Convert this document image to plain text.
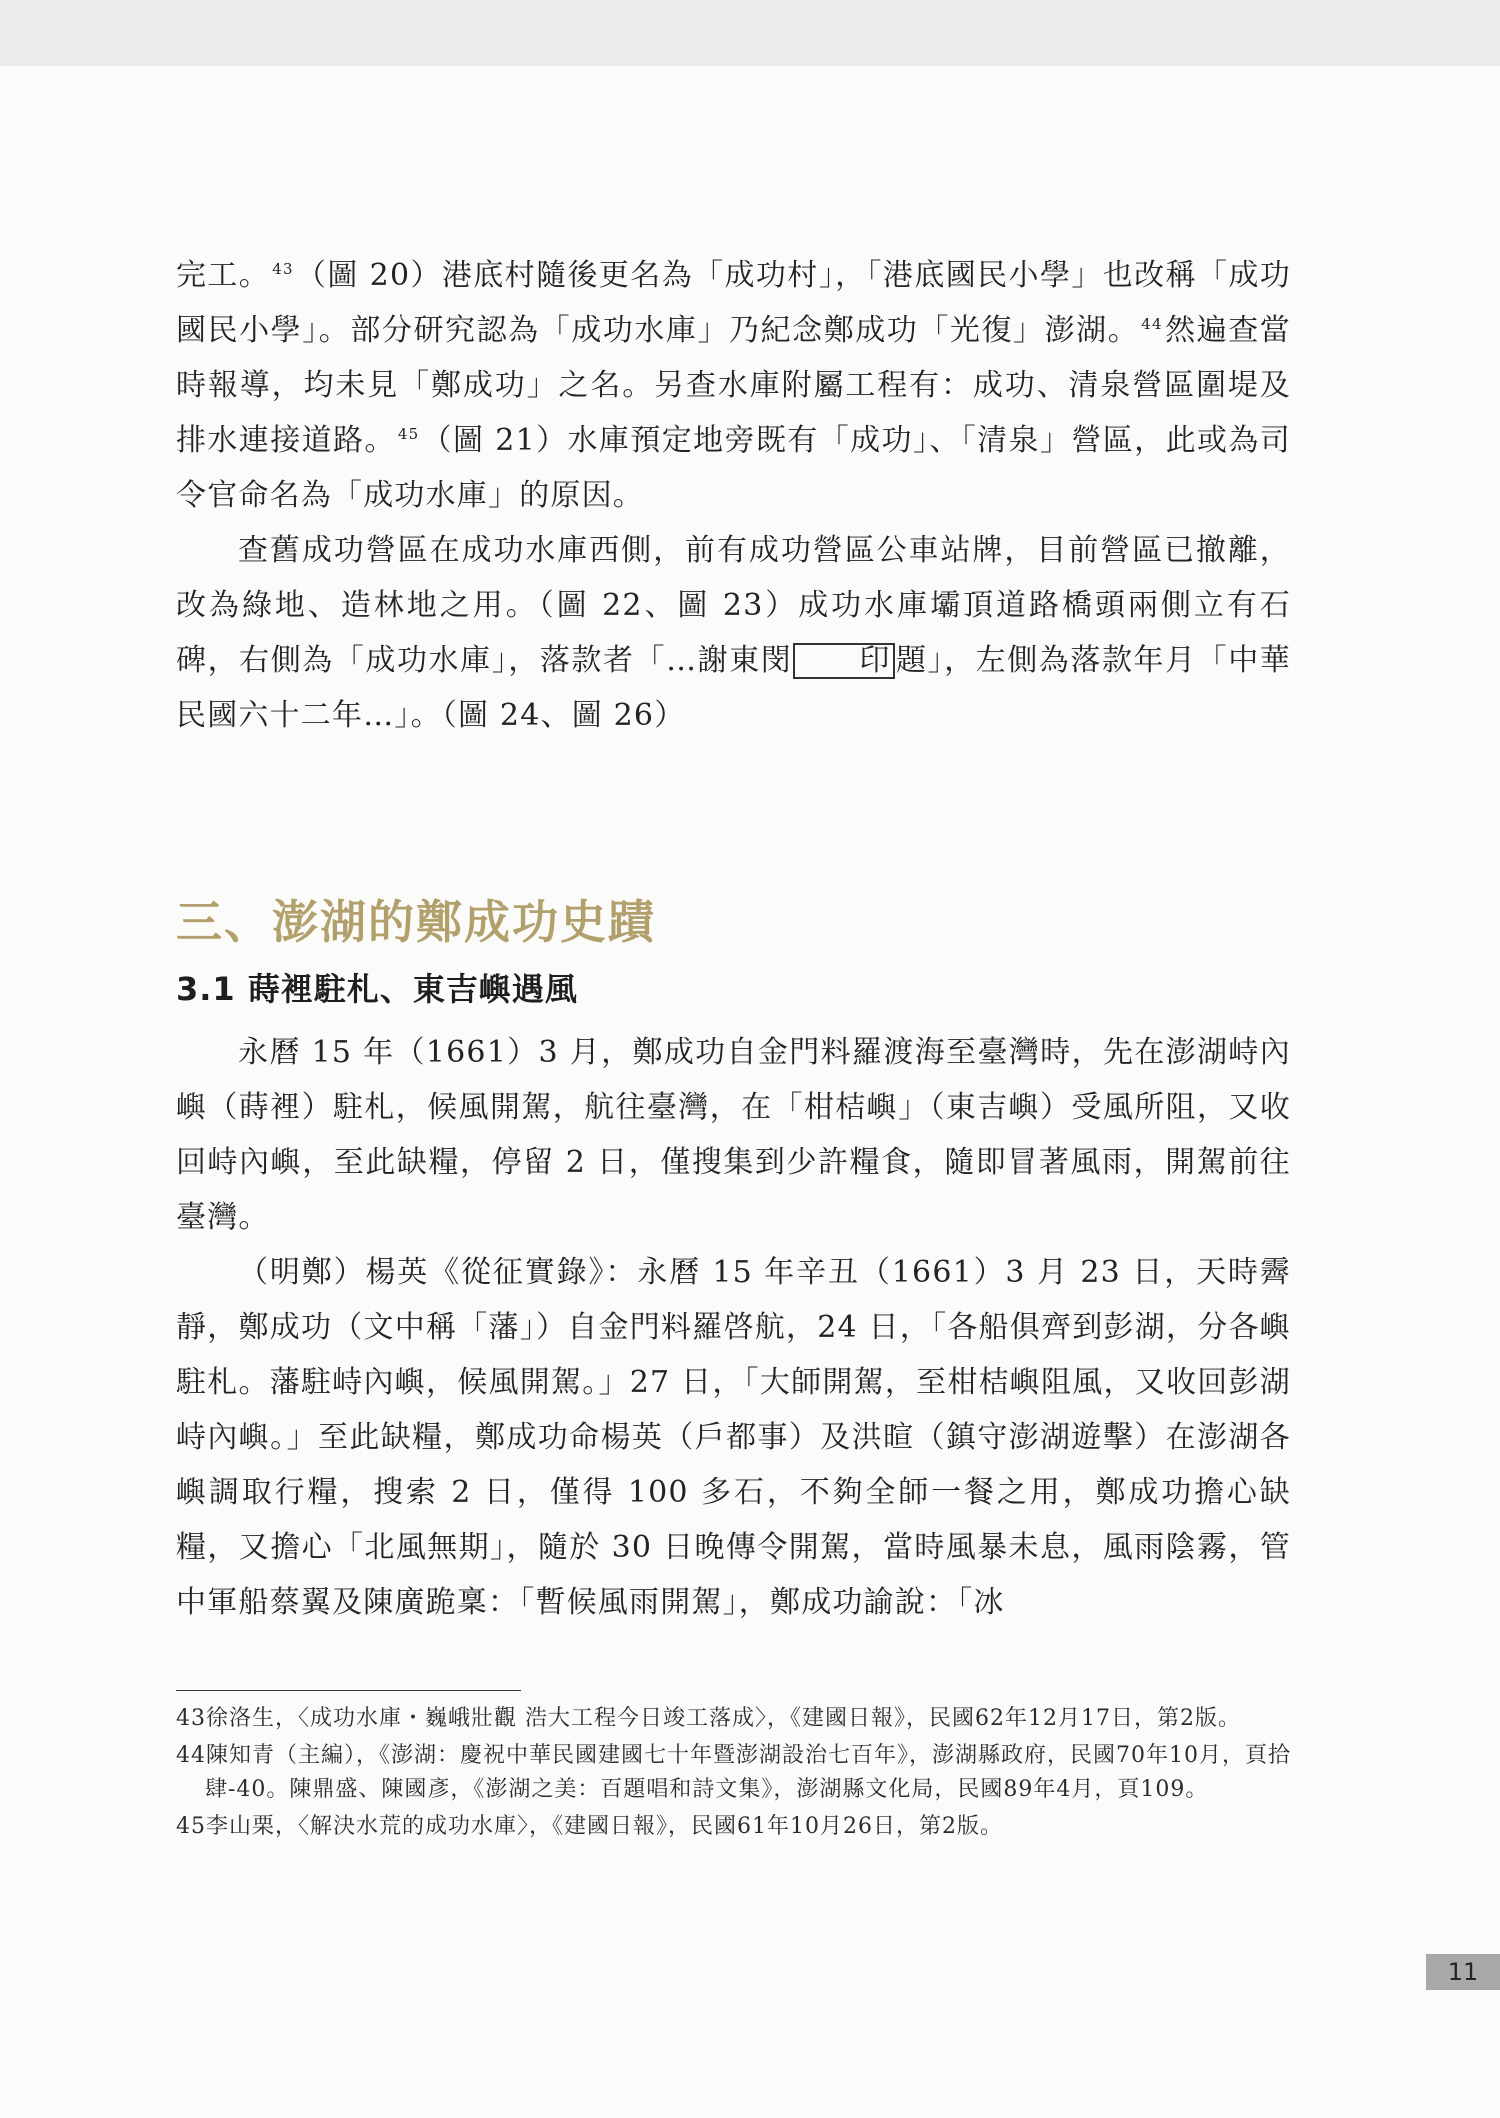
完工。 $^{43}$（圖 20）港底村隨後更名為「成功村」，「港底國民小學」也改稱「成功國民小學」。部分研究認為「成功水庫」乃紀念鄭成功「光復」澎湖。 $^{44}$然遍查當時報導，均未見「鄭成功」之名。另查水庫附屬工程有：成功、清泉營區圍堤及排水連接道路。 $^{45}$（圖 21）水庫預定地旁既有「成功」、「清泉」營區，此或為司令官命名為「成功水庫」的原因。

查舊成功營區在成功水庫西側，前有成功營區公車站牌，目前營區已撤離，改為綠地、造林地之用。（圖 22、圖 23）成功水庫壩頂道路橋頭兩側立有石碑，右側為「成功水庫」，落款者「…謝東閔 印 題」，左側為落款年月「中華民國六十二年…」。（圖 24、圖 26）

三、澎湖的鄭成功史蹟
3.1 蒔裡駐札、東吉嶼遇風

永曆 15 年（1661）3 月，鄭成功自金門料羅渡海至臺灣時，先在澎湖峙內嶼（蒔裡）駐札，候風開駕，航往臺灣，在「柑桔嶼」（東吉嶼）受風所阻，又收回峙內嶼，至此缺糧，停留 2 日，僅搜集到少許糧食，隨即冒著風雨，開駕前往臺灣。

（明鄭）楊英《從征實錄》：永曆 15 年辛丑（1661）3 月 23 日，天時霽靜，鄭成功（文中稱「藩」）自金門料羅啓航，24 日，「各船俱齊到彭湖，分各嶼駐札。藩駐峙內嶼，候風開駕。」27 日，「大師開駕，至柑桔嶼阻風，又收回彭湖峙內嶼。」至此缺糧，鄭成功命楊英（戶都事）及洪暄（鎮守澎湖遊擊）在澎湖各嶼調取行糧，搜索 2 日，僅得 100 多石，不夠全師一餐之用，鄭成功擔心缺糧，又擔心「北風無期」，隨於 30 日晚傳令開駕，當時風暴未息，風雨陰霧，管中軍船蔡翼及陳廣跪稟：「暫候風雨開駕」，鄭成功諭說：「冰

43徐洛生，〈成功水庫・巍峨壯觀 浩大工程今日竣工落成〉，《建國日報》，民國62年12月17日，第2版。

44陳知青（主編），《澎湖：慶祝中華民國建國七十年暨澎湖設治七百年》，澎湖縣政府，民國70年10月，頁拾肆-40。陳鼎盛、陳國彥，《澎湖之美：百題唱和詩文集》，澎湖縣文化局，民國89年4月，頁109。

45李山栗，〈解決水荒的成功水庫〉，《建國日報》，民國61年10月26日，第2版。

11
